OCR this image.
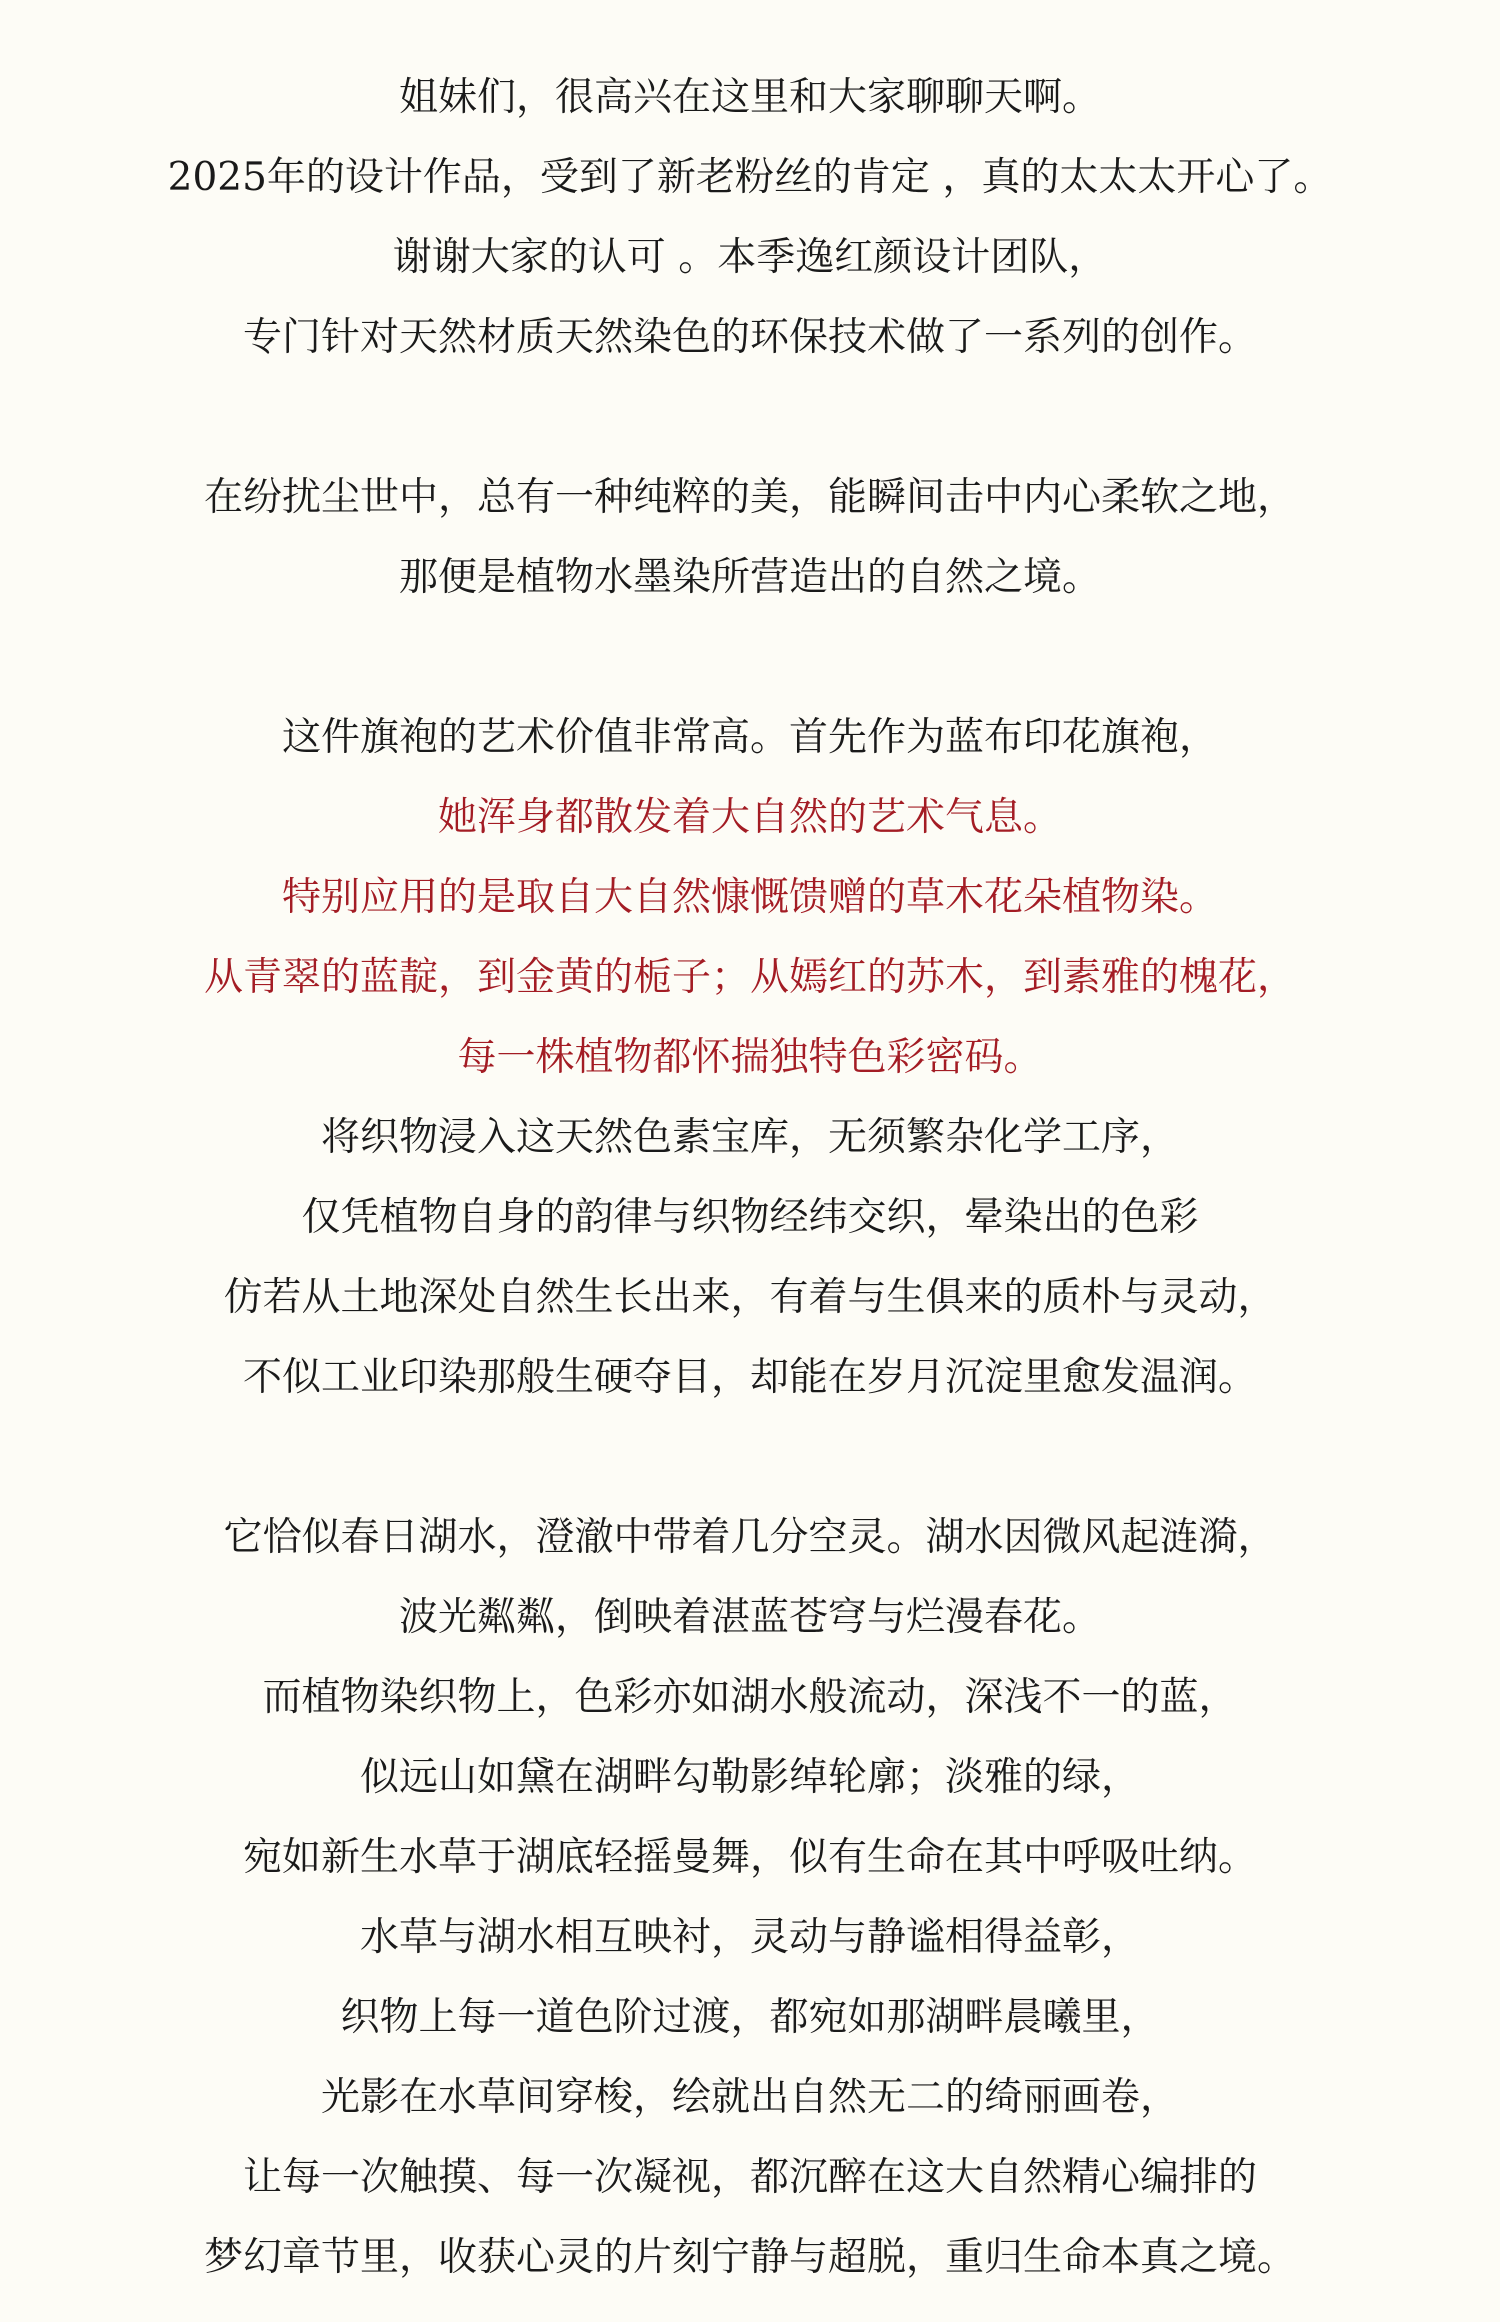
姐妹们，很高兴在这里和大家聊聊天啊。
2025年的设计作品，受到了新老粉丝的肯定 ，真的太太太开心了。
谢谢大家的认可 。本季逸红颜设计团队，
专门针对天然材质天然染色的环保技术做了一系列的创作。

在纷扰尘世中，总有一种纯粹的美，能瞬间击中内心柔软之地，
那便是植物水墨染所营造出的自然之境。

这件旗袍的艺术价值非常高。首先作为蓝布印花旗袍，
她浑身都散发着大自然的艺术气息。
特别应用的是取自大自然慷慨馈赠的草木花朵植物染。
从青翠的蓝靛，到金黄的栀子；从嫣红的苏木，到素雅的槐花，
每一株植物都怀揣独特色彩密码。
将织物浸入这天然色素宝库，无须繁杂化学工序，
仅凭植物自身的韵律与织物经纬交织，晕染出的色彩
仿若从土地深处自然生长出来，有着与生俱来的质朴与灵动，
不似工业印染那般生硬夺目，却能在岁月沉淀里愈发温润。

它恰似春日湖水，澄澈中带着几分空灵。湖水因微风起涟漪，
波光粼粼，倒映着湛蓝苍穹与烂漫春花。
而植物染织物上，色彩亦如湖水般流动，深浅不一的蓝，
似远山如黛在湖畔勾勒影绰轮廓；淡雅的绿，
宛如新生水草于湖底轻摇曼舞，似有生命在其中呼吸吐纳。
水草与湖水相互映衬，灵动与静谧相得益彰，
织物上每一道色阶过渡，都宛如那湖畔晨曦里，
光影在水草间穿梭，绘就出自然无二的绮丽画卷，
让每一次触摸、每一次凝视，都沉醉在这大自然精心编排的
梦幻章节里，收获心灵的片刻宁静与超脱，重归生命本真之境。
